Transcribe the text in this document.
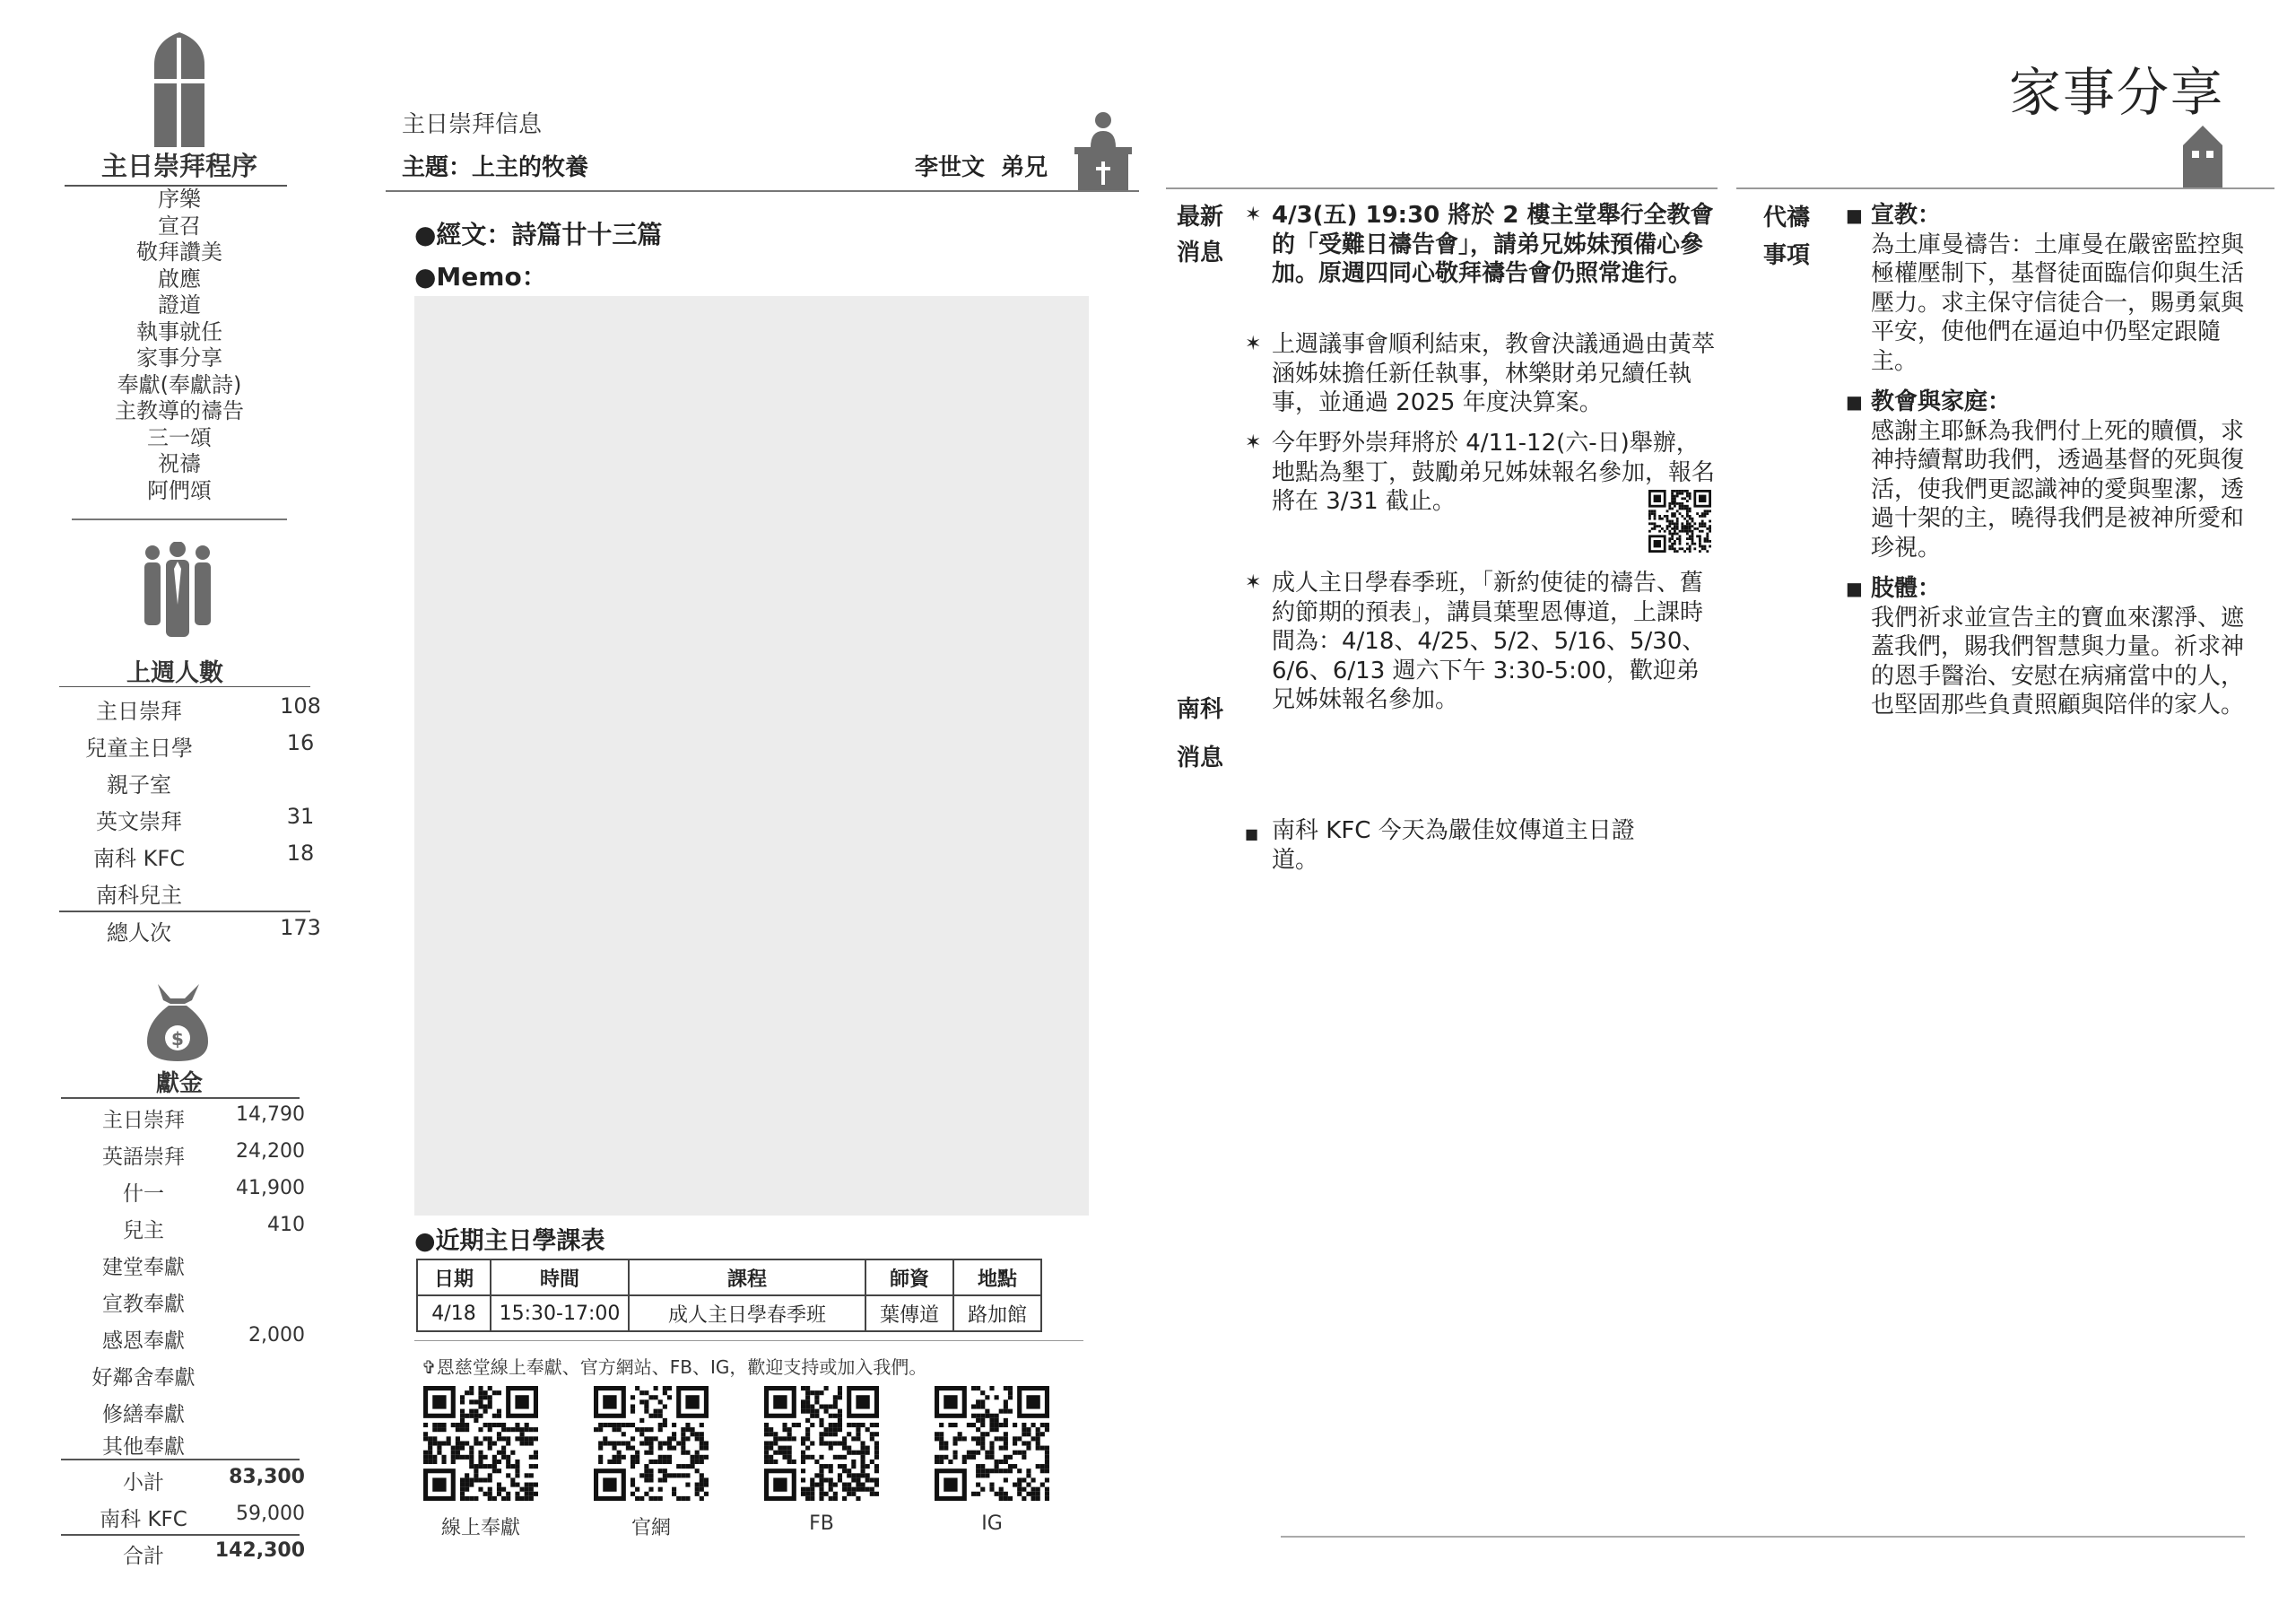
主日崇拜程序
序樂
宣召
敬拜讚美
啟應
證道
執事就任
家事分享
奉獻(奉獻詩)
主教導的禱告
三一頌
祝禱
阿們頌
上週人數
主日崇拜	108
兒童主日學	16
親子室
英文崇拜	31
南科 KFC	18
南科兒主
總人次	173
$
獻金
主日崇拜	14,790
英語崇拜	24,200
什一	41,900
兒主	410
建堂奉獻
宣教奉獻
感恩奉獻	2,000
好鄰舍奉獻
修繕奉獻
其他奉獻
小計	83,300
南科 KFC	59,000
合計	142,300
主日崇拜信息
主題：上主的牧養	李世文  弟兄
●經文：詩篇廿十三篇
●Memo：
●近期主日學課表
日期	時間	課程	師資	地點
4/18	15:30-17:00	成人主日學春季班	葉傳道	路加館
✞恩慈堂線上奉獻、官方網站、FB、IG，歡迎支持或加入我們。
線上奉獻	官網	FB	IG
家事分享
最新
消息
南科
消息
✶ 4/3(五) 19:30 將於 2 樓主堂舉行全教會的「受難日禱告會」，請弟兄姊妹預備心參加。原週四同心敬拜禱告會仍照常進行。
✶ 上週議事會順利結束，教會決議通過由黃萃涵姊妹擔任新任執事，林樂財弟兄續任執事，並通過 2025 年度決算案。
✶ 今年野外崇拜將於 4/11-12(六-日)舉辦，地點為墾丁，鼓勵弟兄姊妹報名參加，報名將在 3/31 截止。
✶ 成人主日學春季班，「新約使徒的禱告、舊約節期的預表」，講員葉聖恩傳道，上課時間為：4/18、4/25、5/2、5/16、5/30、6/6、6/13 週六下午 3:30-5:00，歡迎弟兄姊妹報名參加。
■ 南科 KFC 今天為嚴佳妏傳道主日證道。
代禱
事項
■ 宣教：
為土庫曼禱告：土庫曼在嚴密監控與極權壓制下，基督徒面臨信仰與生活壓力。求主保守信徒合一，賜勇氣與平安，使他們在逼迫中仍堅定跟隨主。
■ 教會與家庭：
感謝主耶穌為我們付上死的贖價，求神持續幫助我們，透過基督的死與復活，使我們更認識神的愛與聖潔，透過十架的主，曉得我們是被神所愛和珍視。
■ 肢體：
我們祈求並宣告主的寶血來潔淨、遮蓋我們，賜我們智慧與力量。祈求神的恩手醫治、安慰在病痛當中的人，也堅固那些負責照顧與陪伴的家人。
